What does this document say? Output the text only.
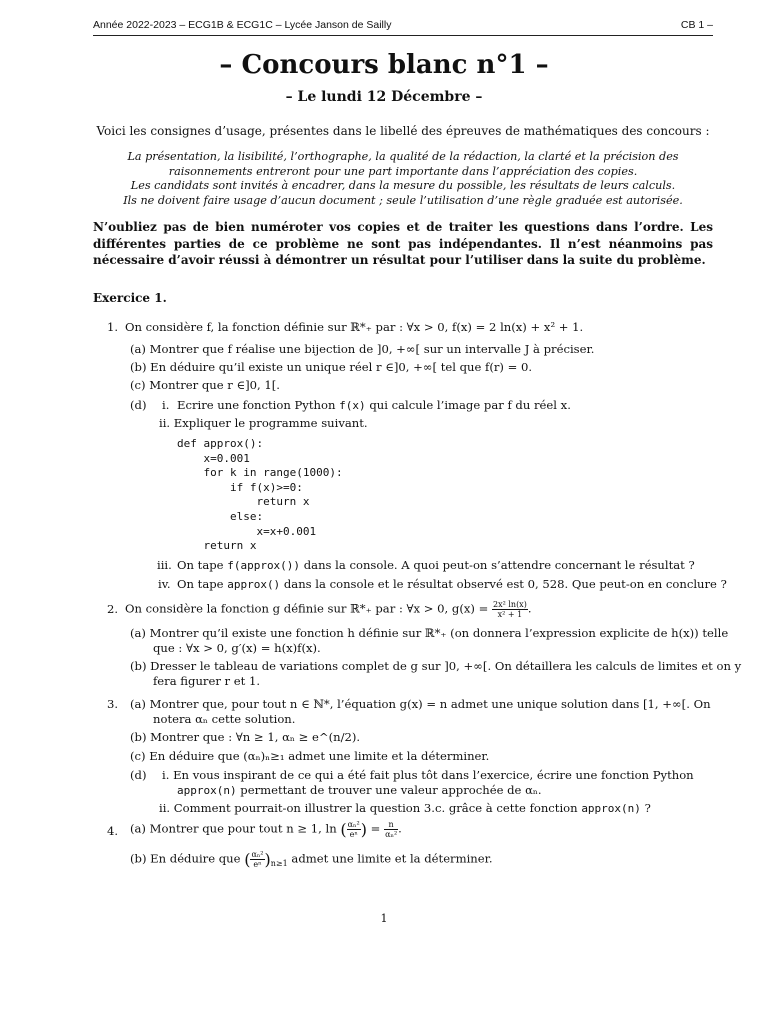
Année 2022-2023 – ECG1B & ECG1C – Lycée Janson de Sailly	CB 1 –
– Concours blanc n°1 –
– Le lundi 12 Décembre –
Voici les consignes d’usage, présentes dans le libellé des épreuves de mathématiques des concours :
La présentation, la lisibilité, l’orthographe, la qualité de la rédaction, la clarté et la précision des
raisonnements entreront pour une part importante dans l’appréciation des copies.
Les candidats sont invités à encadrer, dans la mesure du possible, les résultats de leurs calculs.
Ils ne doivent faire usage d’aucun document ; seule l’utilisation d’une règle graduée est autorisée.
N’oubliez pas de bien numéroter vos copies et de traiter les questions dans l’ordre. Les différentes parties de ce problème ne sont pas indépendantes. Il n’est néanmoins pas nécessaire d’avoir réussi à démontrer un résultat pour l’utiliser dans la suite du problème.
Exercice 1.
1. On considère f, la fonction définie sur ℝ*₊ par : ∀x > 0, f(x) = 2 ln(x) + x² + 1.
(a) Montrer que f réalise une bijection de ]0, +∞[ sur un intervalle J à préciser.
(b) En déduire qu’il existe un unique réel r ∈]0, +∞[ tel que f(r) = 0.
(c) Montrer que r ∈]0, 1[.
(d) i. Ecrire une fonction Python f(x) qui calcule l’image par f du réel x.
ii. Expliquer le programme suivant.
def approx():
x=0.001
for k in range(1000):
if f(x)>=0:
return x
else:
x=x+0.001
return x
iii. On tape f(approx()) dans la console. A quoi peut-on s’attendre concernant le résultat ?
iv. On tape approx() dans la console et le résultat observé est 0, 528. Que peut-on en conclure ?
2. On considère la fonction g définie sur ℝ*₊ par : ∀x > 0, $g(x) = \frac{\text{2x² ln(x)}}{\text{x² + 1}}$ .
(a) Montrer qu’il existe une fonction h définie sur ℝ*₊ (on donnera l’expression explicite de h(x)) telle
que : ∀x > 0, g′(x) = h(x)f(x).
(b) Dresser le tableau de variations complet de g sur ]0, +∞[. On détaillera les calculs de limites et on y
fera figurer r et 1.
3. (a) Montrer que, pour tout n ∈ ℕ*, l’équation g(x) = n admet une unique solution dans [1, +∞[. On
notera αₙ cette solution.
(b) Montrer que : ∀n ≥ 1, αₙ ≥ e^(n/2).
(c) En déduire que (αₙ)ₙ≥₁ admet une limite et la déterminer.
(d) i. En vous inspirant de ce qui a été fait plus tôt dans l’exercice, écrire une fonction Python
approx(n) permettant de trouver une valeur approchée de αₙ.
ii. Comment pourrait-on illustrer la question 3.c. grâce à cette fonction approx(n) ?
4. (a) Montrer que pour tout n ≥ 1, ln ( $\frac{\text{αₙ²}}{\text{eⁿ}}$ ) = $\frac{n}{\text{αₙ²}}$ .
(b) En déduire que ( $\frac{\text{αₙ²}}{\text{eⁿ}} )_{n\ge 1}$ admet une limite et la déterminer.
1
